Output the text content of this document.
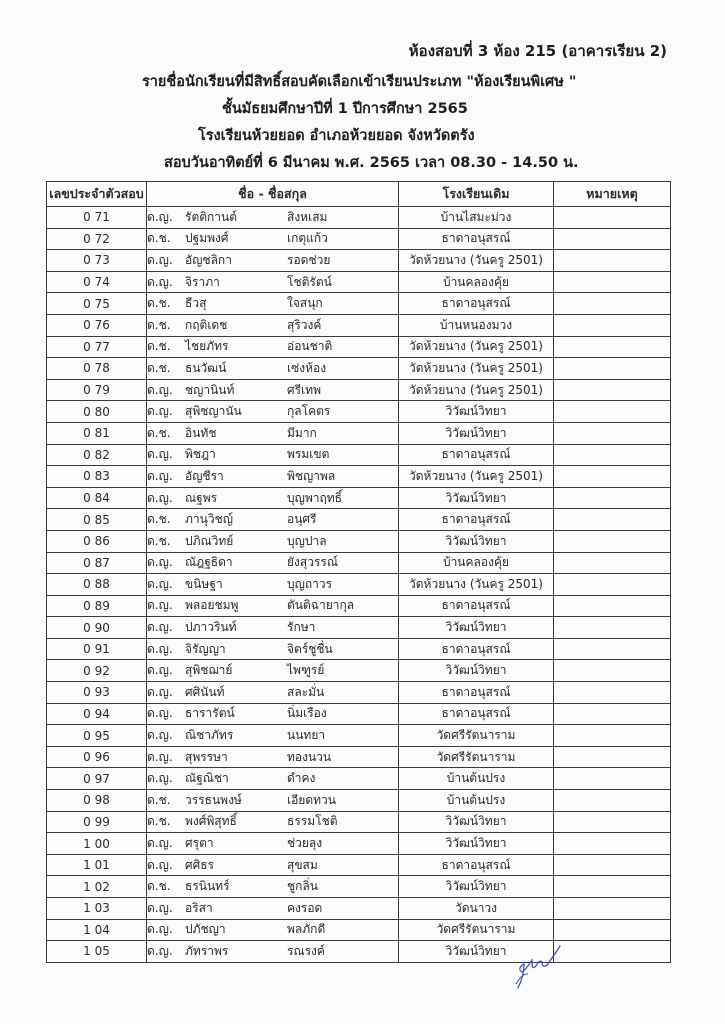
ห้องสอบที่ 3 ห้อง 215 (อาคารเรียน 2)
รายชื่อนักเรียนที่มีสิทธิ์สอบคัดเลือกเข้าเรียนประเภท "ห้องเรียนพิเศษ "
ชั้นมัธยมศึกษาปีที่ 1 ปีการศึกษา 2565
โรงเรียนห้วยยอด อำเภอห้วยยอด จังหวัดตรัง
สอบวันอาทิตย์ที่ 6 มีนาคม พ.ศ. 2565 เวลา 08.30 - 14.50 น.
เลขประจำตัวสอบ	ชื่อ - ชื่อสกุล	โรงเรียนเดิม	หมายเหตุ
0 71	ด.ญ. รัตติกานต์ สิงหเสม	บ้านไสมะม่วง	
0 72	ด.ช. ปฐมพงศ์ เกตุแก้ว	ธาดาอนุสรณ์	
0 73	ด.ญ. อัญชลิกา รอดช่วย	วัดห้วยนาง (วันครู 2501)	
0 74	ด.ญ. จิราภา โชติรัตน์	บ้านคลองคุ้ย	
0 75	ด.ช. ธีวสุ ใจสนุก	ธาดาอนุสรณ์	
0 76	ด.ช. กฤติเดช สุริวงค์	บ้านหนองมวง	
0 77	ด.ช. ไชยภัทร อ่อนชาติ	วัดห้วยนาง (วันครู 2501)	
0 78	ด.ช. ธนวัฒน์ เซ่งห้อง	วัดห้วยนาง (วันครู 2501)	
0 79	ด.ญ. ชญานินท์ ศรีเทพ	วัดห้วยนาง (วันครู 2501)	
0 80	ด.ญ. สุพิชญานัน กุลโคตร	วิวัฒน์วิทยา	
0 81	ด.ช. อินทัช มีมาก	วิวัฒน์วิทยา	
0 82	ด.ญ. พิชฎา พรมเขต	ธาดาอนุสรณ์	
0 83	ด.ญ. อัญชีรา พิชญาพล	วัดห้วยนาง (วันครู 2501)	
0 84	ด.ญ. ณฐพร บุญพาฤทธิ์	วิวัฒน์วิทยา	
0 85	ด.ช. ภานุวิชญ์ อนุศรี	ธาดาอนุสรณ์	
0 86	ด.ช. ปภิณวิทย์ บุญปาล	วิวัฒน์วิทยา	
0 87	ด.ญ. ณัฎฐธิดา ยังสุวรรณ์	บ้านคลองคุ้ย	
0 88	ด.ญ. ขนิษฐา บุญถาวร	วัดห้วยนาง (วันครู 2501)	
0 89	ด.ญ. พลอยชมพู ตันติฉายากุล	ธาดาอนุสรณ์	
0 90	ด.ญ. ปภาวรินท์ รักษา	วิวัฒน์วิทยา	
0 91	ด.ญ. จิรัญญา จิตร์ชูชื่น	ธาดาอนุสรณ์	
0 92	ด.ญ. สุพิชฌาย์ ไพฑูรย์	วิวัฒน์วิทยา	
0 93	ด.ญ. ศศินันท์ สละมั่น	ธาดาอนุสรณ์	
0 94	ด.ญ. ธารารัตน์ นิ่มเรือง	ธาดาอนุสรณ์	
0 95	ด.ญ. ณิชาภัทร นนทยา	วัดศรีรัตนาราม	
0 96	ด.ญ. สุพรรษา ทองนวน	วัดศรีรัตนาราม	
0 97	ด.ญ. ณัฐณิชา ดำคง	บ้านต้นปรง	
0 98	ด.ช. วรรธนพงษ์ เอียดทวน	บ้านต้นปรง	
0 99	ด.ช. พงศ์พิสุทธิ์ ธรรมโชติ	วิวัฒน์วิทยา	
1 00	ด.ญ. ศรุตา ช่วยลุง	วิวัฒน์วิทยา	
1 01	ด.ญ. ศศิธร สุขสม	ธาดาอนุสรณ์	
1 02	ด.ช. ธรนินทร์ ชูกลิ่น	วิวัฒน์วิทยา	
1 03	ด.ญ. อริสา คงรอด	วัดนาวง	
1 04	ด.ญ. ปภัชญา พลภักดี	วัดศรีรัตนาราม	
1 05	ด.ญ. ภัทราพร รณรงค์	วิวัฒน์วิทยา	
